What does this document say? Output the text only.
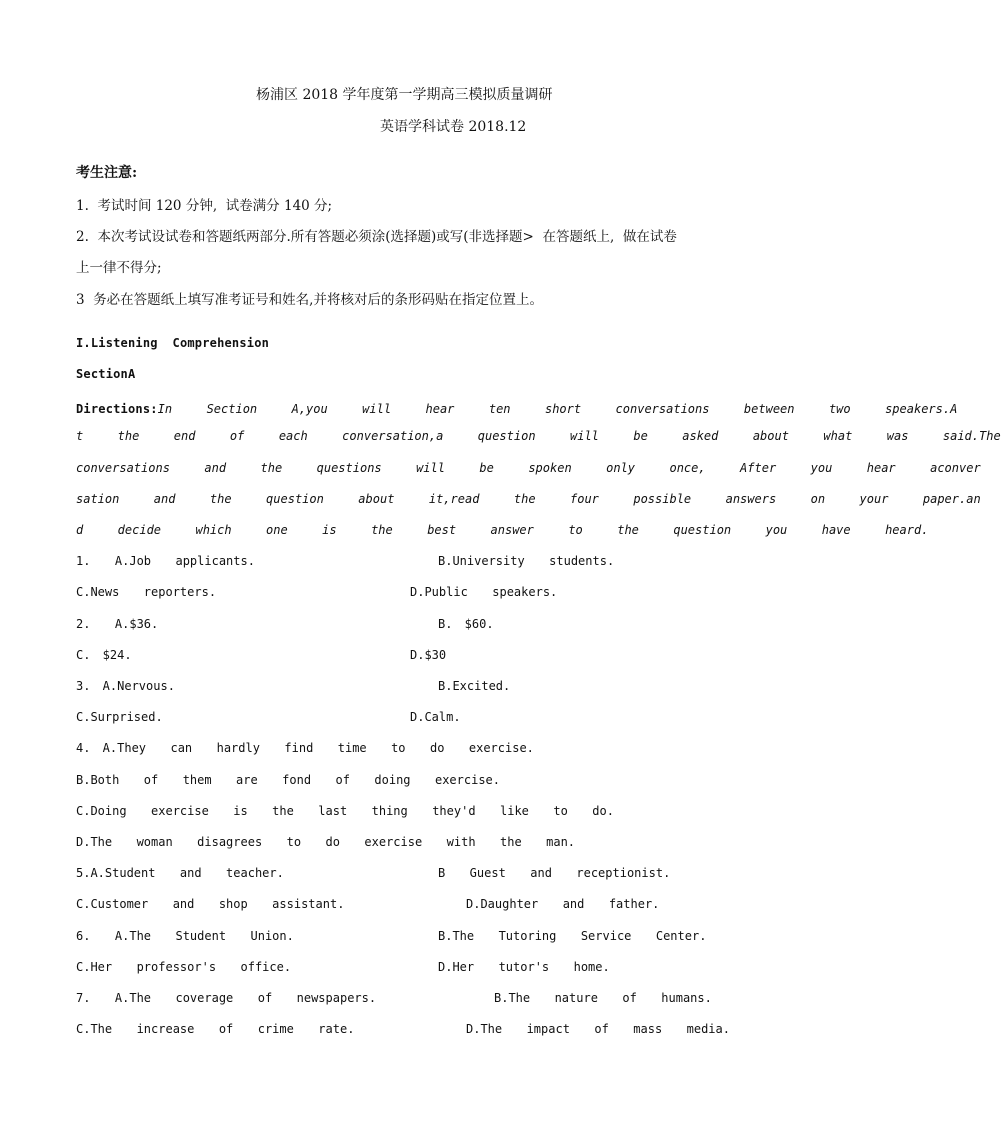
杨浦区 2018 学年度第一学期高三模拟质量调研
英语学科试卷 2018.12
考生注意:
1.  考试时间 120 分钟,  试卷满分 140 分;
2.  本次考试设试卷和答题纸两部分.所有答题必须涂(选择题)或写(非选择题>  在答题纸上,  做在试卷
上一律不得分;
3  务必在答题纸上填写准考证号和姓名,并将核对后的条形码贴在指定位置上。
I.Listening  Comprehension
SectionA
Directions:In  Section  A,you  will  hear  ten  short  conversations  between  two  speakers.A
t  the  end  of  each  conversation,a  question  will  be  asked  about  what  was  said.The
conversations  and  the  questions  will  be  spoken  only  once,  After  you  hear  aconver
sation  and  the  question  about  it,read  the  four  possible  answers  on  your  paper.an
d  decide  which  one  is  the  best  answer  to  the  question  you  have  heard.
1.  A.Job  applicants.	B.University  students.
C.News  reporters.	D.Public  speakers.
2.  A.$36.	B. $60.
C. $24.	D.$30
3. A.Nervous.	B.Excited.
C.Surprised.	D.Calm.
4. A.They  can  hardly  find  time  to  do  exercise.
B.Both  of  them  are  fond  of  doing  exercise.
C.Doing  exercise  is  the  last  thing  they'd  like  to  do.
D.The  woman  disagrees  to  do  exercise  with  the  man.
5.A.Student  and  teacher.	B  Guest  and  receptionist.
C.Customer  and  shop  assistant.	D.Daughter  and  father.
6.  A.The  Student  Union.	B.The  Tutoring  Service  Center.
C.Her  professor's  office.	D.Her  tutor's  home.
7.  A.The  coverage  of  newspapers.	B.The  nature  of  humans.
C.The  increase  of  crime  rate.	D.The  impact  of  mass  media.
